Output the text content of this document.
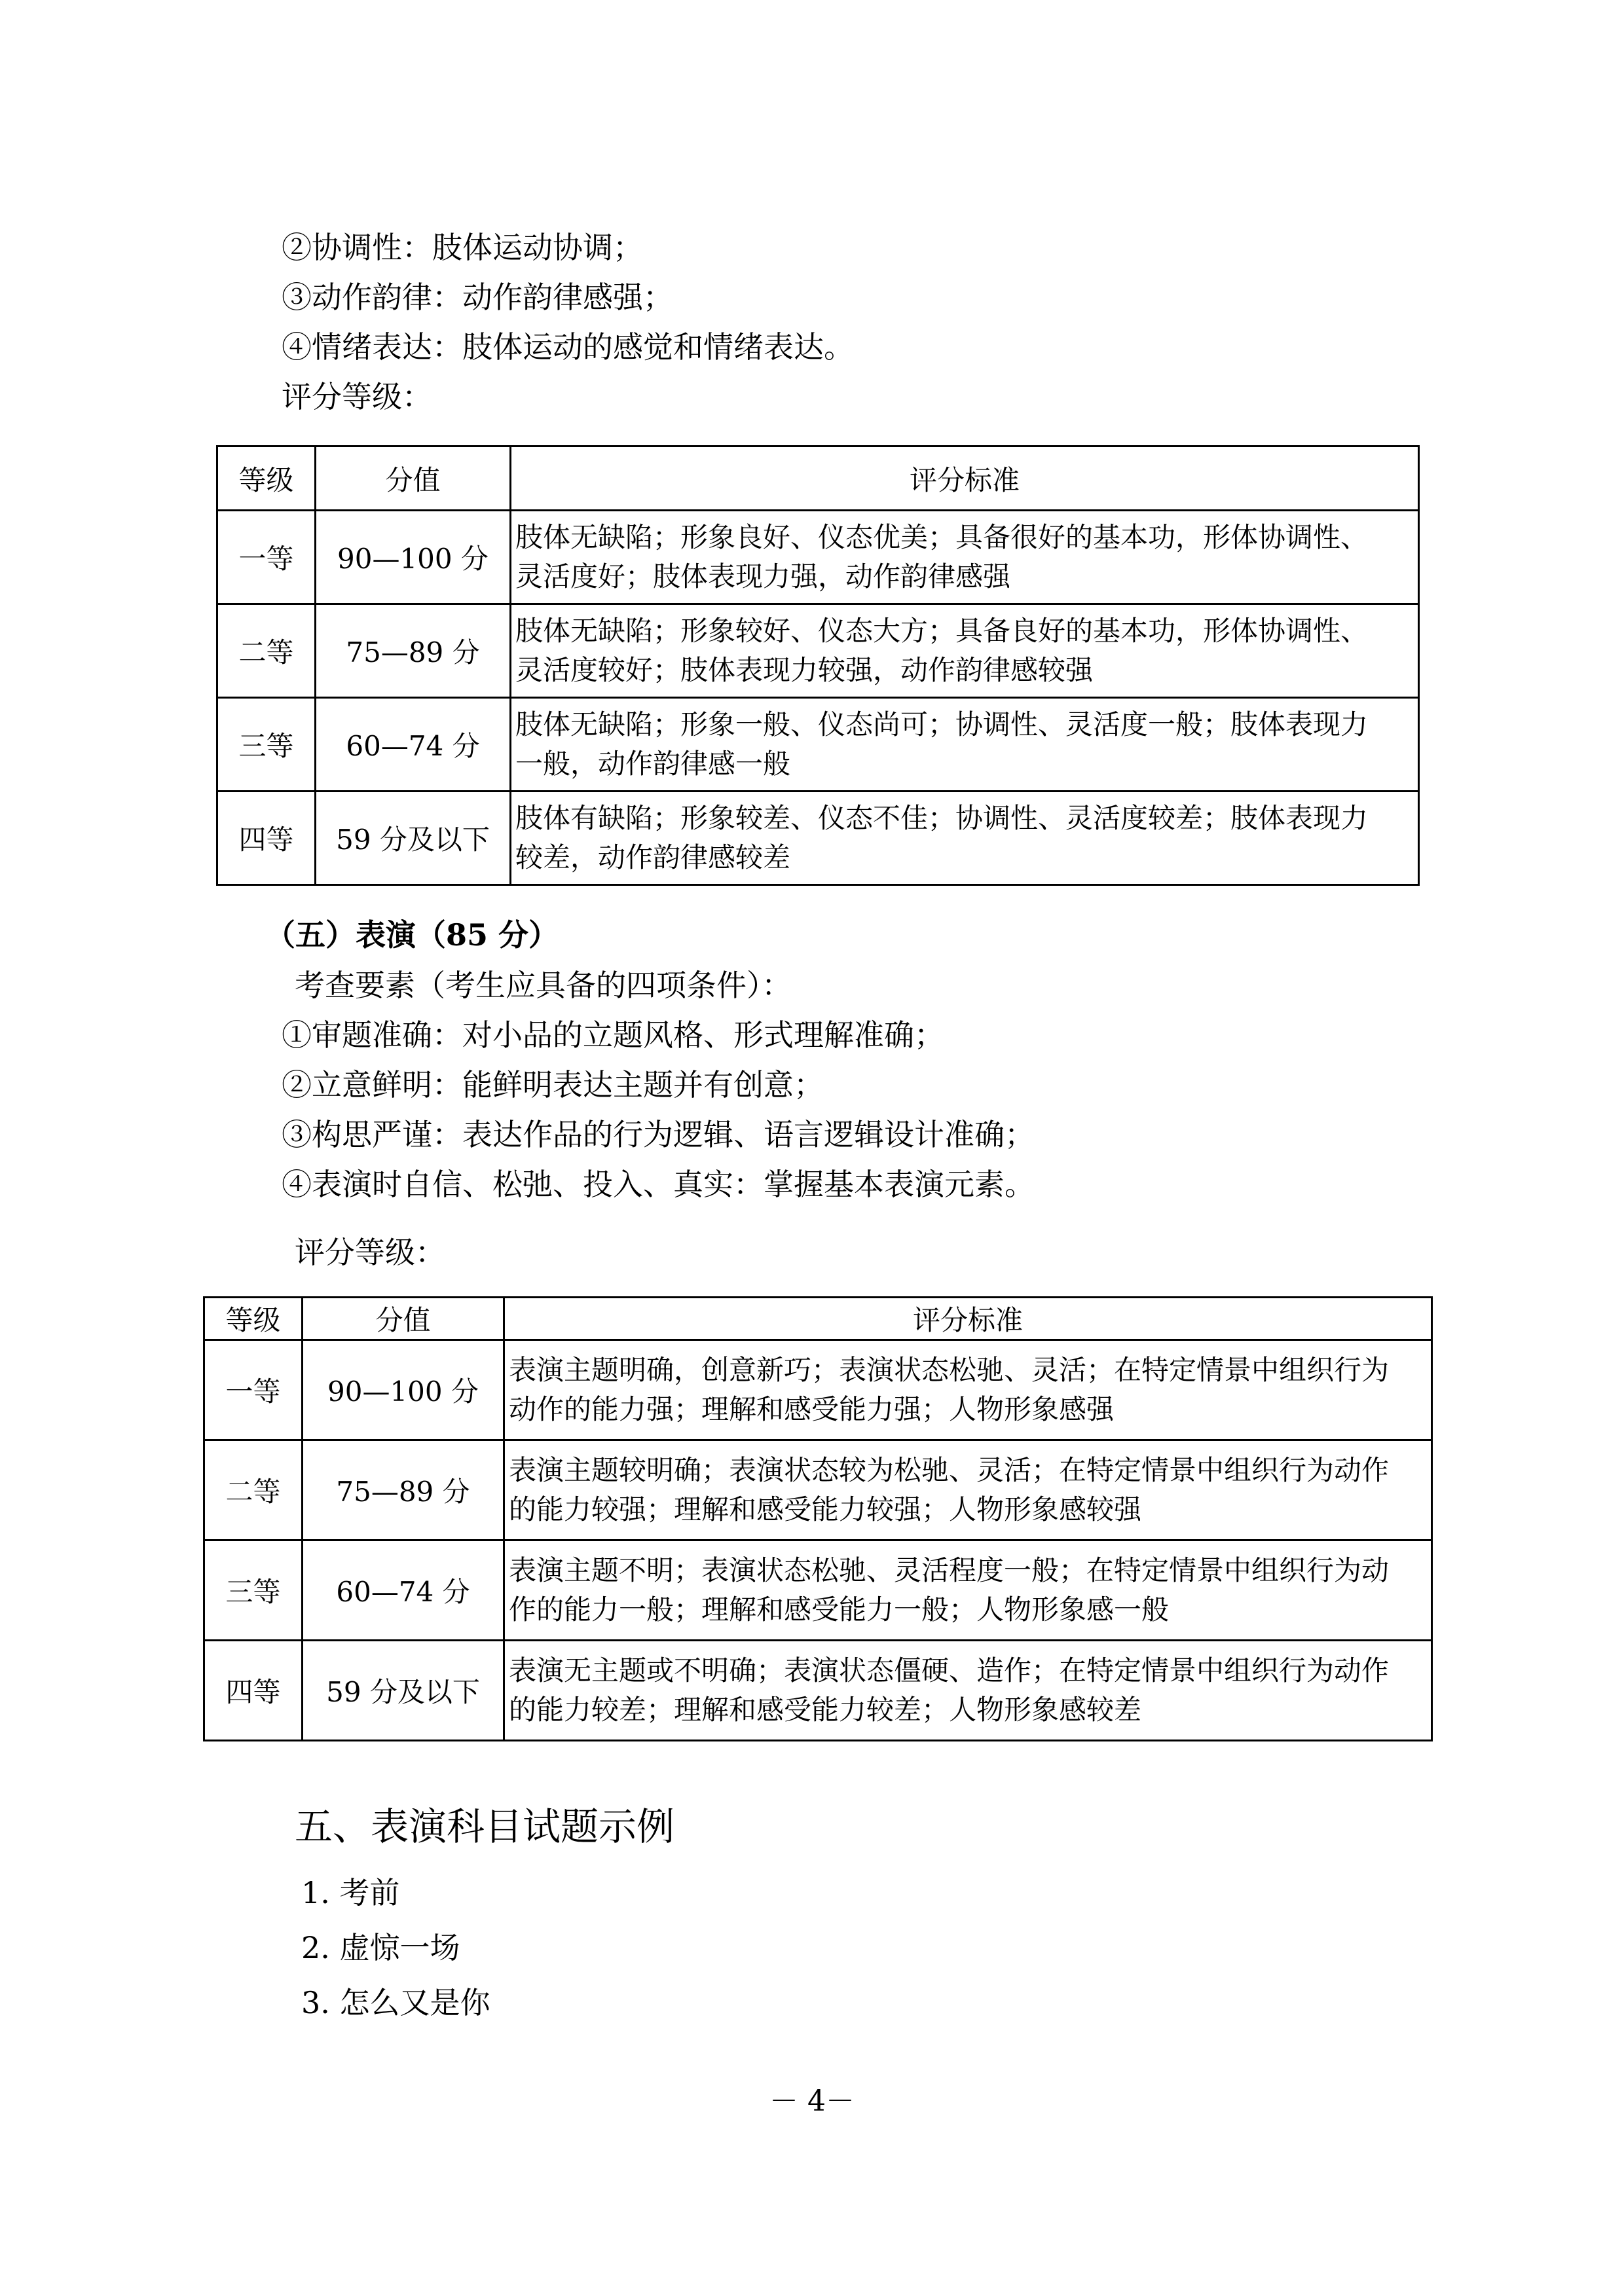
②协调性：肢体运动协调；
③动作韵律：动作韵律感强；
④情绪表达：肢体运动的感觉和情绪表达。
评分等级：
等级	分值	评分标准
一等	90—100 分	肢体无缺陷；形象良好、仪态优美；具备很好的基本功，形体协调性、
灵活度好；肢体表现力强，动作韵律感强

二等	75—89 分	肢体无缺陷；形象较好、仪态大方；具备良好的基本功，形体协调性、
灵活度较好；肢体表现力较强，动作韵律感较强

三等	60—74 分	肢体无缺陷；形象一般、仪态尚可；协调性、灵活度一般；肢体表现力
一般，动作韵律感一般

四等	59 分及以下	肢体有缺陷；形象较差、仪态不佳；协调性、灵活度较差；肢体表现力
较差，动作韵律感较差
（五）表演（85 分）
考查要素（考生应具备的四项条件）：
①审题准确：对小品的立题风格、形式理解准确；
②立意鲜明：能鲜明表达主题并有创意；
③构思严谨：表达作品的行为逻辑、语言逻辑设计准确；
④表演时自信、松弛、投入、真实：掌握基本表演元素。
评分等级：
等级	分值	评分标准
一等	90—100 分	表演主题明确，创意新巧；表演状态松驰、灵活；在特定情景中组织行为
动作的能力强；理解和感受能力强；人物形象感强

二等	75—89 分	表演主题较明确；表演状态较为松驰、灵活；在特定情景中组织行为动作
的能力较强；理解和感受能力较强；人物形象感较强

三等	60—74 分	表演主题不明；表演状态松驰、灵活程度一般；在特定情景中组织行为动
作的能力一般；理解和感受能力一般；人物形象感一般

四等	59 分及以下	表演无主题或不明确；表演状态僵硬、造作；在特定情景中组织行为动作
的能力较差；理解和感受能力较差；人物形象感较差
五、表演科目试题示例
1. 考前
2. 虚惊一场
3. 怎么又是你
－ 4－
